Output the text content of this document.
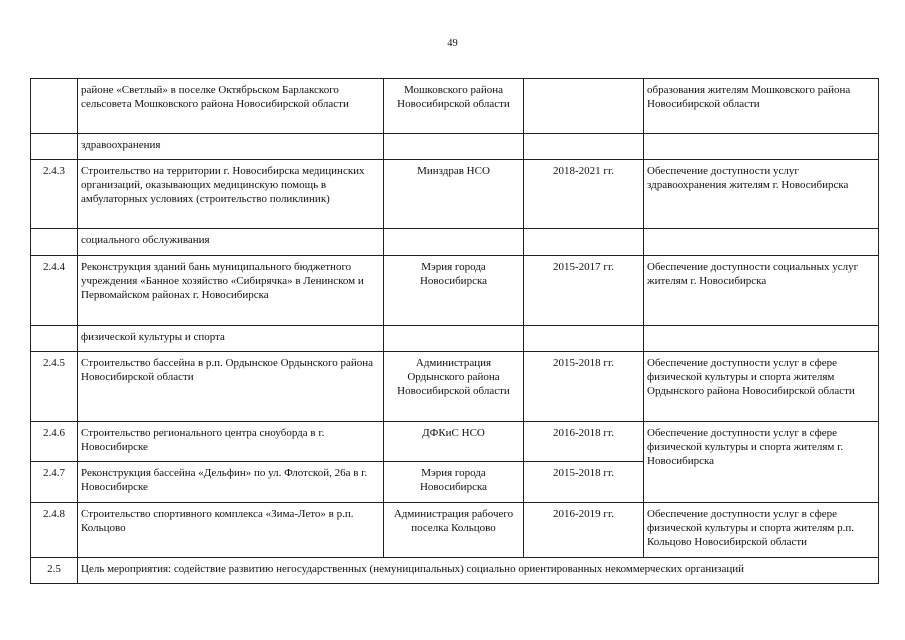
49
	районе «Светлый» в поселке Октябрьском Барлакского сельсовета Мошковского района Новосибирской области	Мошковского района Новосибирской области		образования жителям Мошковского района Новосибирской области
	здравоохранения			
2.4.3	Строительство на территории г. Новосибирска медицинских организаций, оказывающих медицинскую помощь в амбулаторных условиях (строительство поликлиник)	Минздрав НСО	2018-2021 гг.	Обеспечение доступности услуг здравоохранения жителям г. Новосибирска
	социального обслуживания			
2.4.4	Реконструкция зданий бань муниципального бюджетного учреждения «Банное хозяйство «Сибирячка» в Ленинском и Первомайском районах г. Новосибирска	Мэрия города Новосибирска	2015-2017 гг.	Обеспечение доступности социальных услуг жителям г. Новосибирска
	физической культуры и спорта			
2.4.5	Строительство бассейна в р.п. Ордынское Ордынского района Новосибирской области	Администрация Ордынского района Новосибирской области	2015-2018 гг.	Обеспечение доступности услуг в сфере физической культуры и спорта жителям Ордынского района Новосибирской области
2.4.6	Строительство регионального центра сноуборда в г. Новосибирске	ДФКиС НСО	2016-2018 гг.	Обеспечение доступности услуг в сфере физической культуры и спорта жителям г. Новосибирска
2.4.7	Реконструкция бассейна «Дельфин» по ул. Флотской, 26а в г. Новосибирске	Мэрия города Новосибирска	2015-2018 гг.	
2.4.8	Строительство спортивного комплекса «Зима-Лето» в р.п. Кольцово	Администрация рабочего поселка Кольцово	2016-2019 гг.	Обеспечение доступности услуг в сфере физической культуры и спорта жителям р.п. Кольцово Новосибирской области
2.5	Цель мероприятия: содействие развитию негосударственных (немуниципальных) социально ориентированных некоммерческих организаций			
